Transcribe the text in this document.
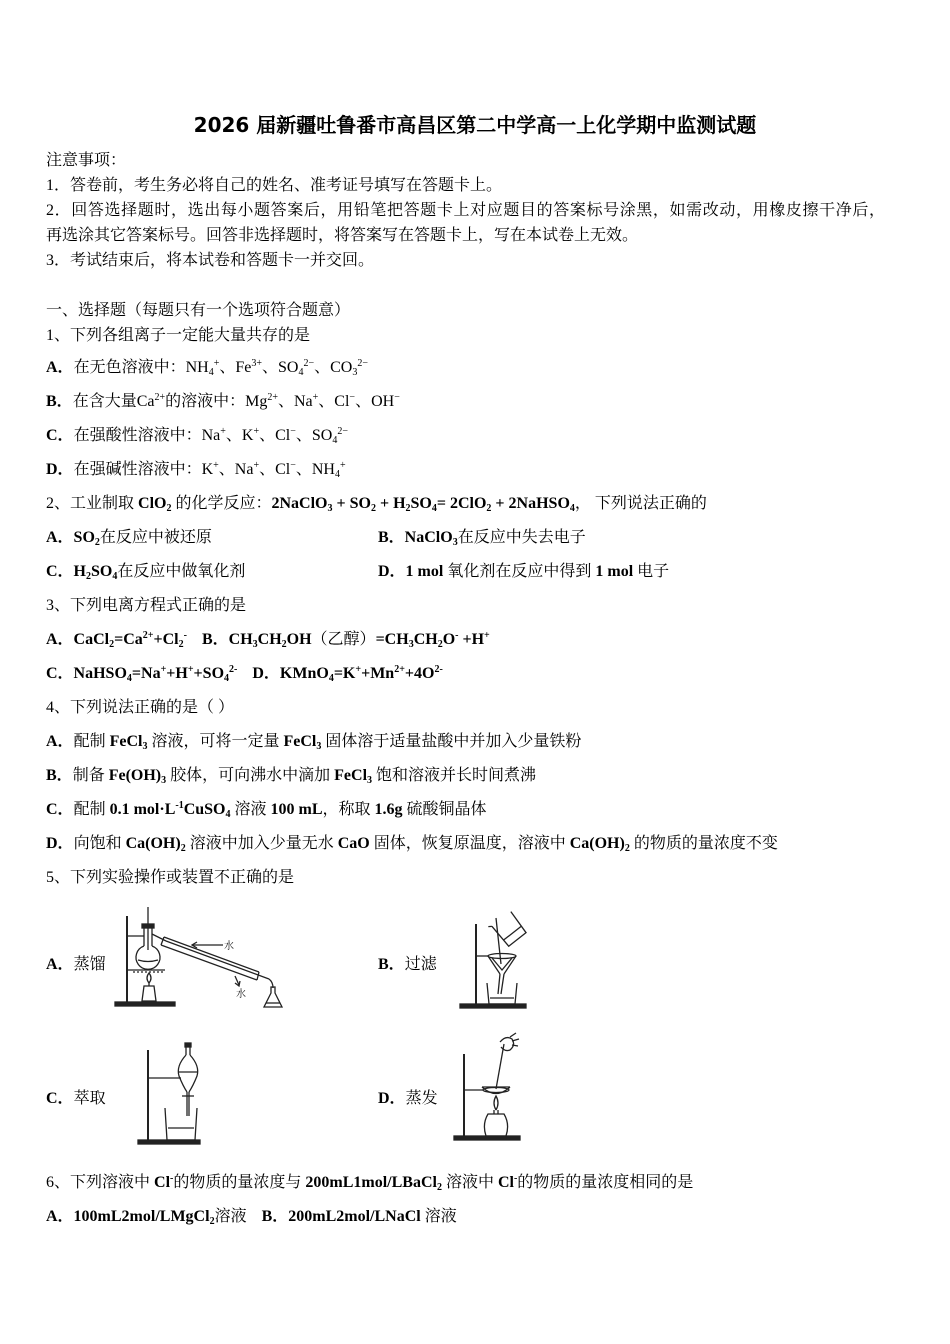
2026 届新疆吐鲁番市高昌区第二中学高一上化学期中监测试题
注意事项：
1．答卷前，考生务必将自己的姓名、准考证号填写在答题卡上。
2．回答选择题时，选出每小题答案后，用铅笔把答题卡上对应题目的答案标号涂黑，如需改动，用橡皮擦干净后，
再选涂其它答案标号。回答非选择题时，将答案写在答题卡上，写在本试卷上无效。
3．考试结束后，将本试卷和答题卡一并交回。
一、选择题（每题只有一个选项符合题意）
1、下列各组离子一定能大量共存的是
A．在无色溶液中：$NH_4^+$、$Fe^{3+}$、$SO_4^{2-}$、$CO_3^{2-}$
B．在含大量$Ca^{2+}$的溶液中：$Mg^{2+}$、Na+、Cl−、OH−
C．在强酸性溶液中：Na+、K+、Cl−、$SO_4^{2-}$
D．在强碱性溶液中：K+、Na+、Cl−、$NH_4^+$
2、工业制取 ClO$_2$ 的化学反应：2NaClO$_3$ + $SO_2 + H_2SO_4= 2ClO_2$ + 2NaHSO$_4$， 下列说法正确的
A．$SO_2$在反应中被还原	B．NaClO$_3$在反应中失去电子
C．$H_2SO_4$在反应中做氧化剂	D．1 mol 氧化剂在反应中得到 1 mol 电子
3、下列电离方程式正确的是
A．$CaCl_2=Ca^{2+}+Cl_2^-$ B．$CH_3CH_2OH$（乙醇）$=CH_3CH_2O^- +H^+$
C．$NaHSO_4=Na^++H^++SO_4^{2-}$ D．$KMnO_4=K^++Mn^{2+}+4O^{2-}$
4、下列说法正确的是（ ）
A．配制 FeCl$_3$ 溶液，可将一定量 FeCl$_3$ 固体溶于适量盐酸中并加入少量铁粉
B．制备 $Fe(OH)_3$ 胶体，可向沸水中滴加 FeCl$_3$ 饱和溶液并长时间煮沸
C．配制 0.1 $mol\cdot L^{-1}CuSO_4$ 溶液 100 mL，称取 1.6g 硫酸铜晶体
D．向饱和 $Ca(OH)_2$ 溶液中加入少量无水 CaO 固体，恢复原温度，溶液中 $Ca(OH)_2$ 的物质的量浓度不变
5、下列实验操作或装置不正确的是
A．蒸馏
水
水
B．过滤
C．萃取	D．蒸发
6、下列溶液中 Cl-的物质的量浓度与 200mL1mol/LBaCl$_2$ 溶液中 Cl-的物质的量浓度相同的是
A．100mL2mol/LMgCl$_2$溶液 B．200mL2mol/LNaCl 溶液
